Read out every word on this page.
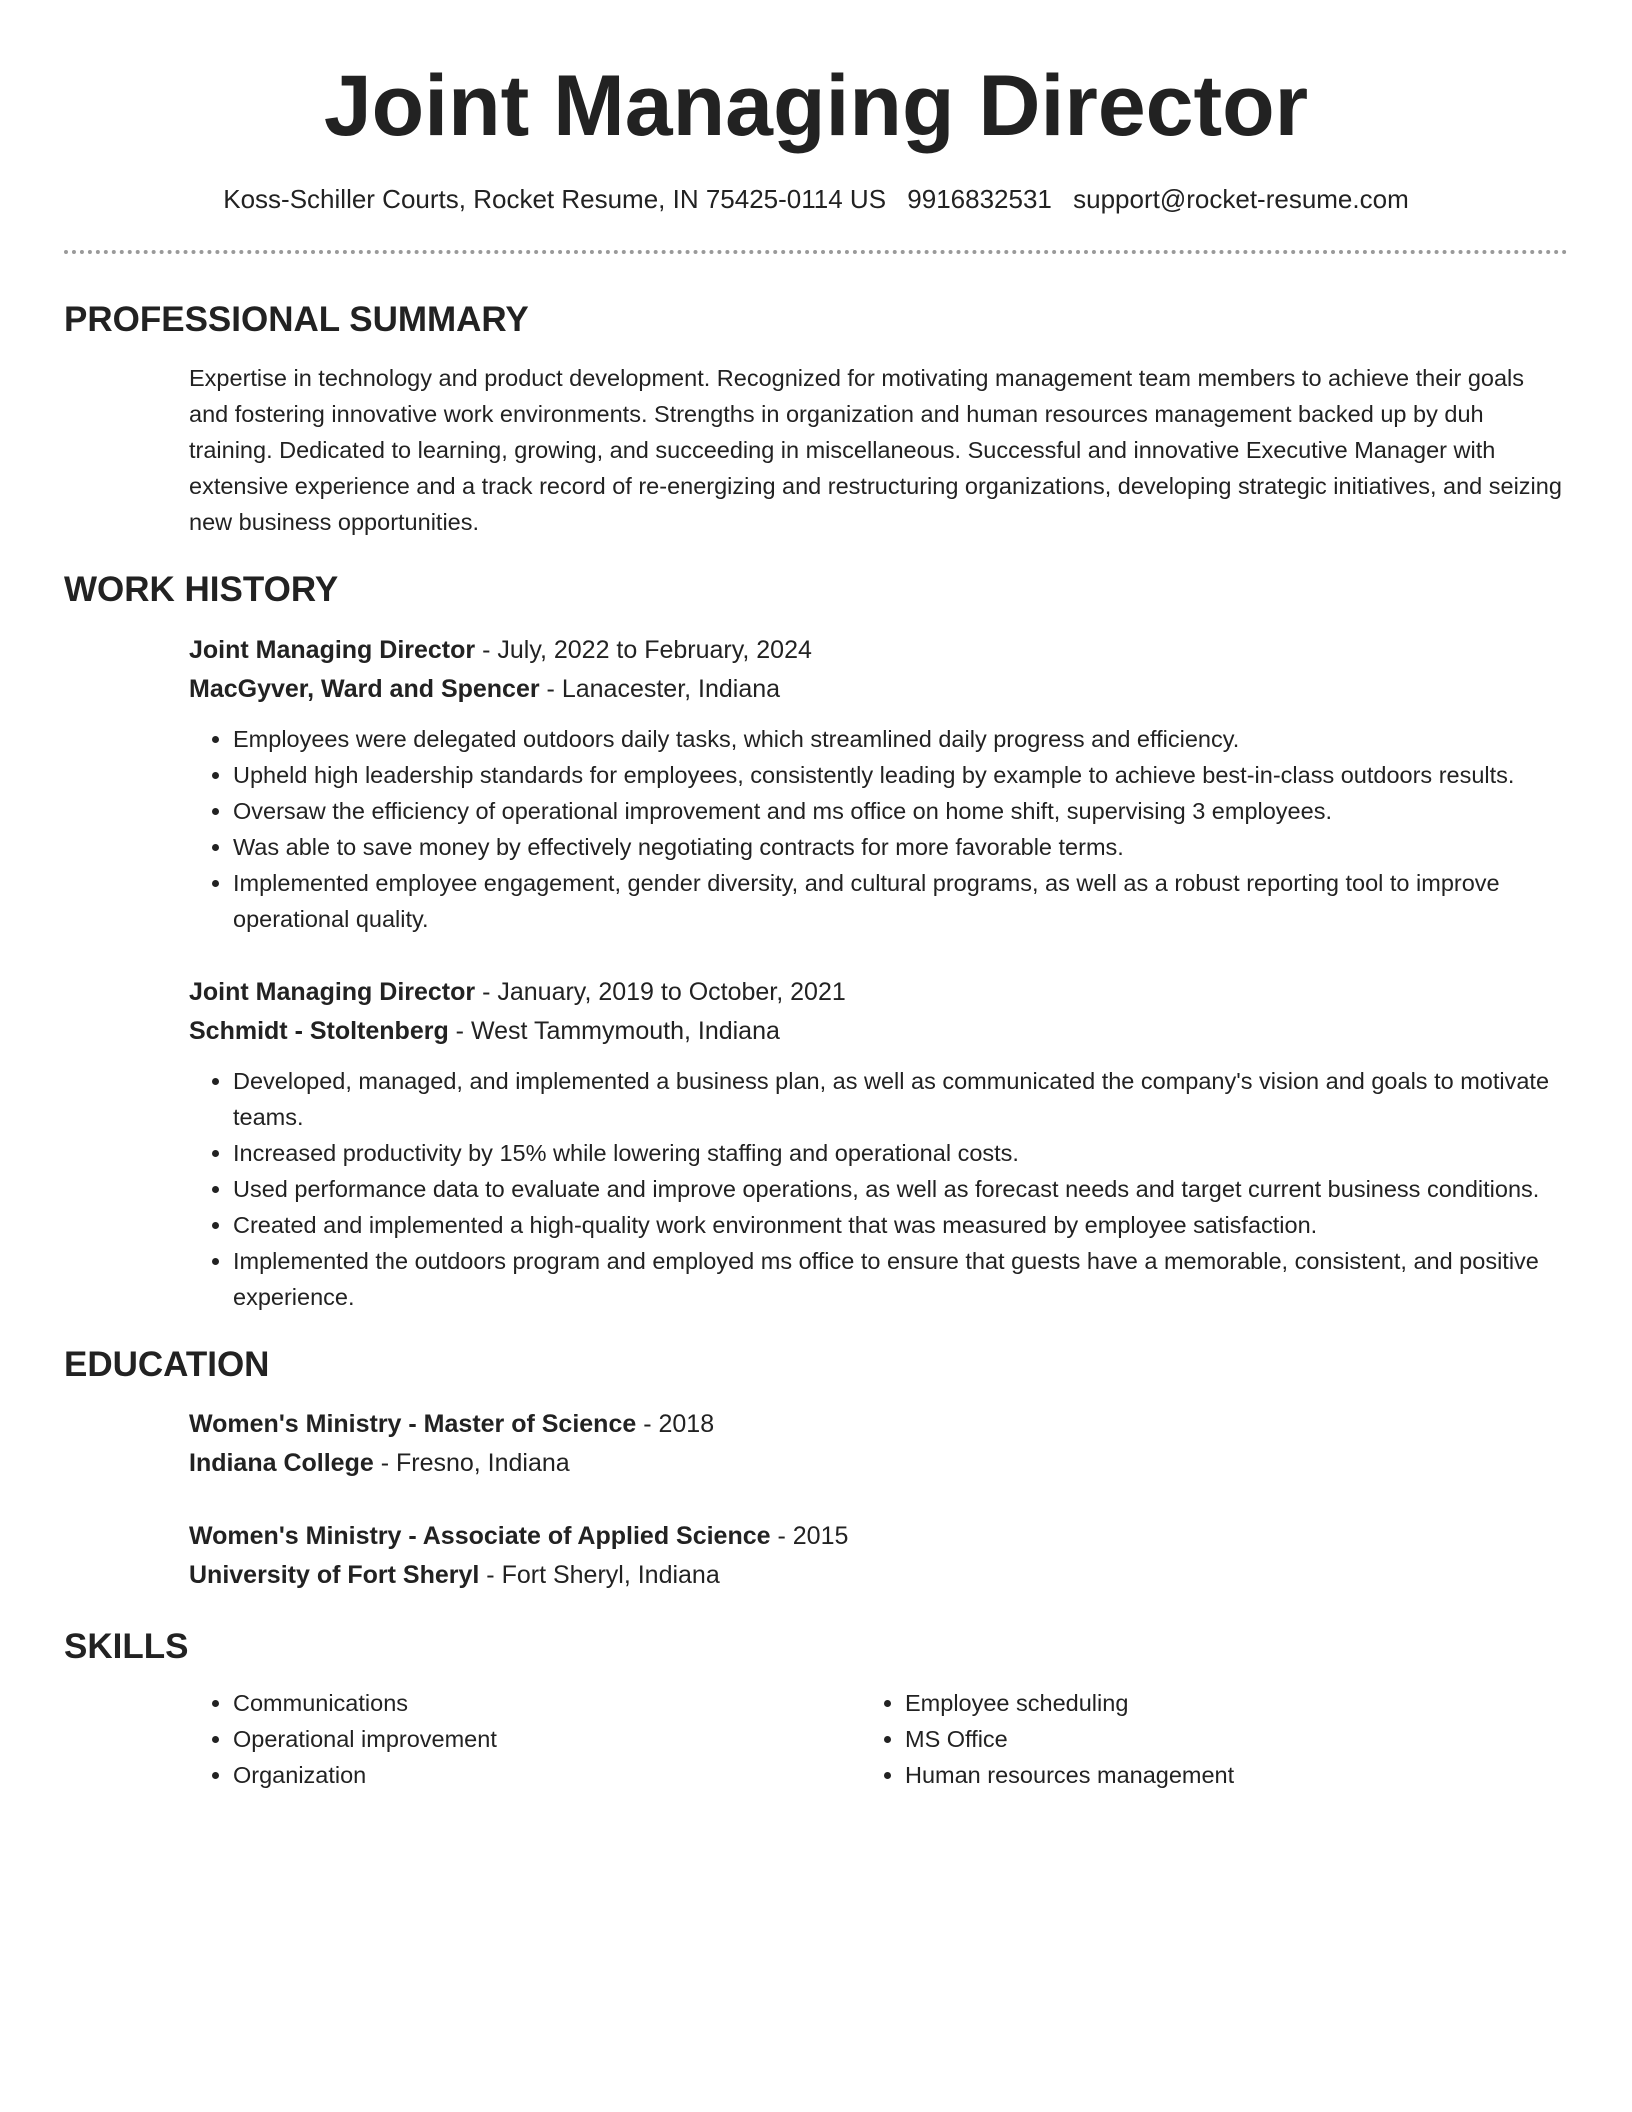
Joint Managing Director
Koss-Schiller Courts, Rocket Resume, IN 75425-0114 US 9916832531 support@rocket-resume.com
PROFESSIONAL SUMMARY

Expertise in technology and product development. Recognized for motivating management team members to achieve their goals and fostering innovative work environments. Strengths in organization and human resources management backed up by duh training. Dedicated to learning, growing, and succeeding in miscellaneous. Successful and innovative Executive Manager with extensive experience and a track record of re-energizing and restructuring organizations, developing strategic initiatives, and seizing new business opportunities.

WORK HISTORY
Joint Managing Director - July, 2022 to February, 2024
MacGyver, Ward and Spencer - Lanacester, Indiana
• Employees were delegated outdoors daily tasks, which streamlined daily progress and efficiency.
• Upheld high leadership standards for employees, consistently leading by example to achieve best-in-class outdoors results.
• Oversaw the efficiency of operational improvement and ms office on home shift, supervising 3 employees.
• Was able to save money by effectively negotiating contracts for more favorable terms.
• Implemented employee engagement, gender diversity, and cultural programs, as well as a robust reporting tool to improve operational quality.
Joint Managing Director - January, 2019 to October, 2021
Schmidt - Stoltenberg - West Tammymouth, Indiana
• Developed, managed, and implemented a business plan, as well as communicated the company's vision and goals to motivate teams.
• Increased productivity by 15% while lowering staffing and operational costs.
• Used performance data to evaluate and improve operations, as well as forecast needs and target current business conditions.
• Created and implemented a high-quality work environment that was measured by employee satisfaction.
• Implemented the outdoors program and employed ms office to ensure that guests have a memorable, consistent, and positive experience.
EDUCATION
Women's Ministry - Master of Science - 2018
Indiana College - Fresno, Indiana
Women's Ministry - Associate of Applied Science - 2015
University of Fort Sheryl - Fort Sheryl, Indiana
SKILLS
• Communications
• Operational improvement
• Organization
• Employee scheduling
• MS Office
• Human resources management
